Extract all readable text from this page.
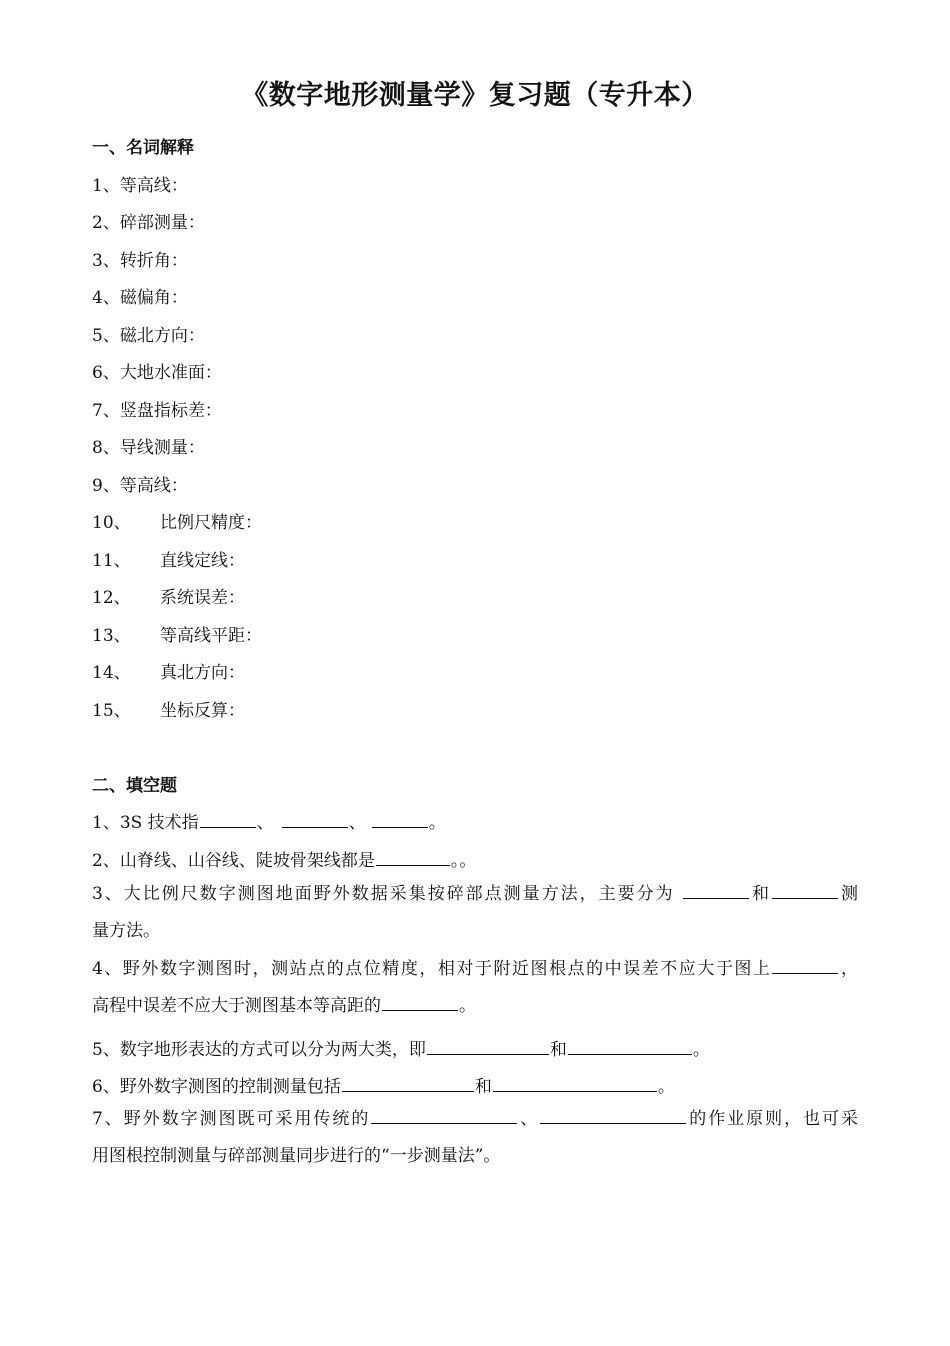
《数字地形测量学》复习题（专升本）
一、名词解释
1、等高线：
2、碎部测量：
3、转折角：
4、磁偏角：
5、磁北方向：
6、大地水准面：
7、竖盘指标差：
8、导线测量：
9、等高线：
10、 比例尺精度：
11、 直线定线：
12、 系统误差：
13、 等高线平距：
14、 真北方向：
15、 坐标反算：
二、填空题
1、3S 技术指	、	、	。
2、山脊线、山谷线、陡坡骨架线都是	。。
3、大比例尺数字测图地面野外数据采集按碎部点测量方法，主要分为	和	测
量方法。
4、野外数字测图时，测站点的点位精度，相对于附近图根点的中误差不应大于图上	，
高程中误差不应大于测图基本等高距的	。
5、数字地形表达的方式可以分为两大类，即	和	。
6、野外数字测图的控制测量包括	和	。
7、野外数字测图既可采用传统的	、	的作业原则，也可采
用图根控制测量与碎部测量同步进行的“一步测量法”。
